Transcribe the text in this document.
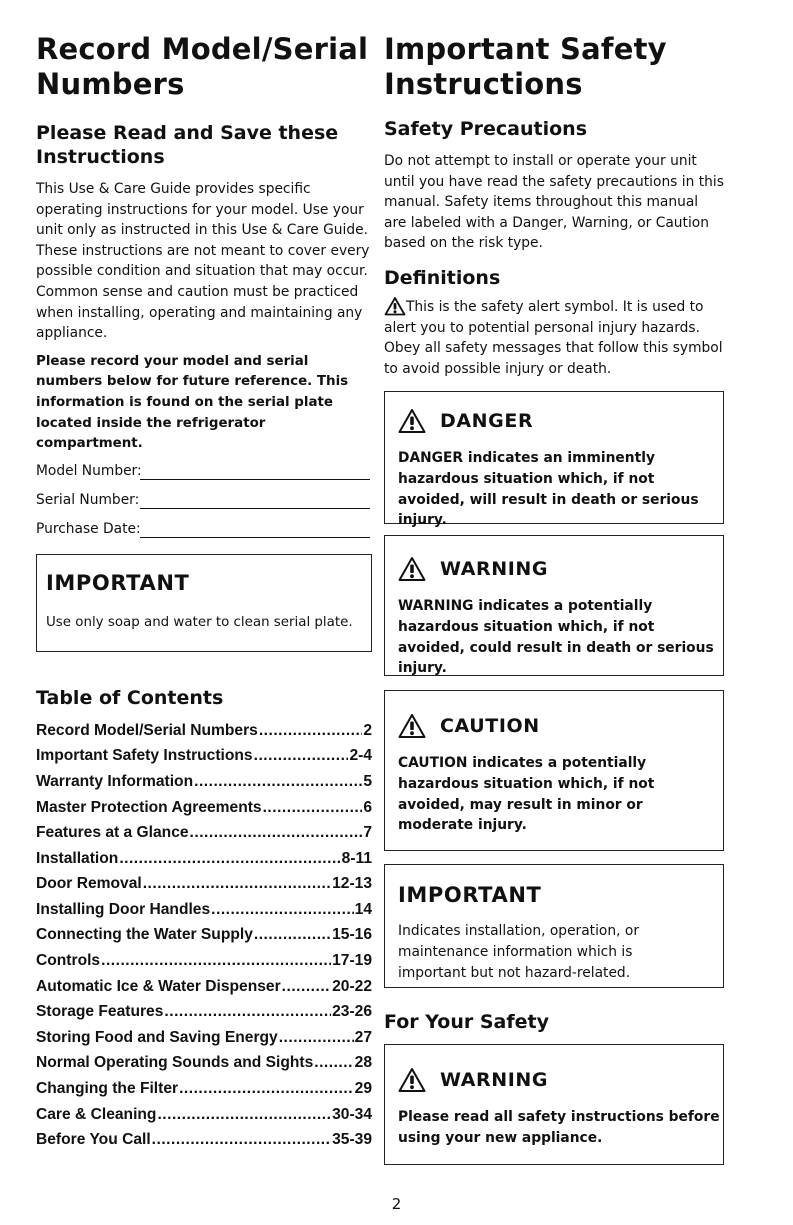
Record Model/Serial Numbers
Please Read and Save these Instructions

This Use & Care Guide provides specific operating instructions for your model. Use your unit only as instructed in this Use & Care Guide. These instructions are not meant to cover every possible condition and situation that may occur. Common sense and caution must be practiced when installing, operating and maintaining any appliance.

Please record your model and serial numbers below for future reference. This information is found on the serial plate located inside the refrigerator compartment.

Model Number:
Serial Number:
Purchase Date:
IMPORTANT

Use only soap and water to clean serial plate.

Table of Contents
Record Model/Serial Numbers .....	2
Important Safety Instructions .....	2-4
Warranty Information .....	5
Master Protection Agreements .....	6
Features at a Glance .....	7
Installation .....	8-11
Door Removal .....	12-13
Installing Door Handles .....	14
Connecting the Water Supply .....	15-16
Controls .....	17-19
Automatic Ice & Water Dispenser .....	20-22
Storage Features .....	23-26
Storing Food and Saving Energy .....	27
Normal Operating Sounds and Sights .....	28
Changing the Filter .....	29
Care & Cleaning .....	30-34
Before You Call .....	35-39
Important Safety Instructions
Safety Precautions

Do not attempt to install or operate your unit until you have read the safety precautions in this manual. Safety items throughout this manual are labeled with a Danger, Warning, or Caution based on the risk type.

Definitions

This is the safety alert symbol. It is used to alert you to potential personal injury hazards. Obey all safety messages that follow this symbol to avoid possible injury or death.

DANGER

DANGER indicates an imminently hazardous situation which, if not avoided, will result in death or serious injury.

WARNING

WARNING indicates a potentially hazardous situation which, if not avoided, could result in death or serious injury.

CAUTION

CAUTION indicates a potentially hazardous situation which, if not avoided, may result in minor or moderate injury.

IMPORTANT

Indicates installation, operation, or maintenance information which is important but not hazard-related.

For Your Safety
WARNING

Please read all safety instructions before using your new appliance.

2
